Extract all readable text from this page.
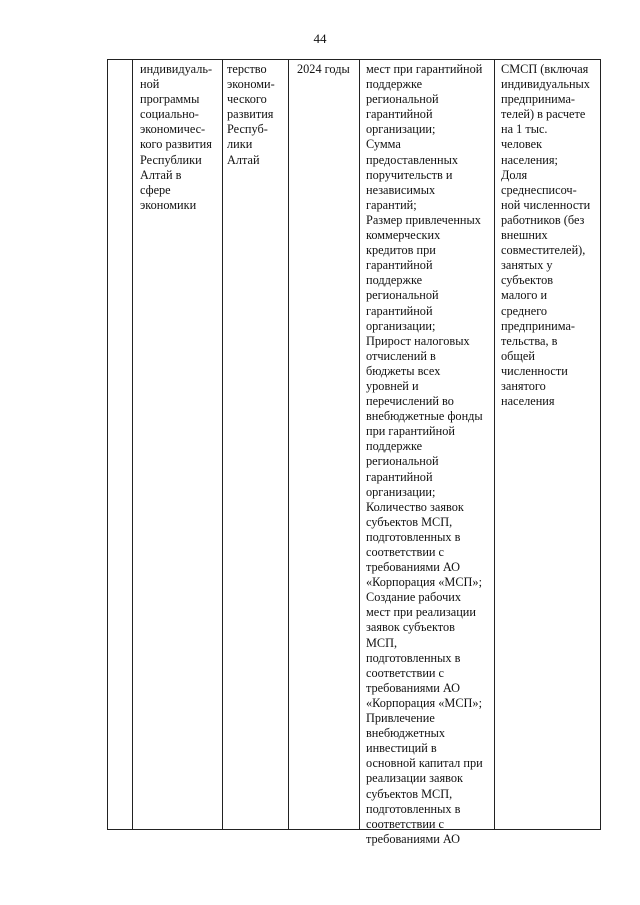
44
индивидуаль-
ной
программы
социально-
экономичес-
кого развития
Республики
Алтай в
сфере
экономики
терство
экономи-
ческого
развития
Респуб-
лики
Алтай
2024 годы	мест при гарантийной
поддержке
региональной
гарантийной
организации;
Сумма
предоставленных
поручительств и
независимых
гарантий;
Размер привлеченных
коммерческих
кредитов при
гарантийной
поддержке
региональной
гарантийной
организации;
Прирост налоговых
отчислений в
бюджеты всех
уровней и
перечислений во
внебюджетные фонды
при гарантийной
поддержке
региональной
гарантийной
организации;
Количество заявок
субъектов МСП,
подготовленных в
соответствии с
требованиями АО
«Корпорация «МСП»;
Создание рабочих
мест при реализации
заявок субъектов
МСП,
подготовленных в
соответствии с
требованиями АО
«Корпорация «МСП»;
Привлечение
внебюджетных
инвестиций в
основной капитал при
реализации заявок
субъектов МСП,
подготовленных в
соответствии с
требованиями АО
СМСП (включая
индивидуальных
предпринима-
телей) в расчете
на 1 тыс.
человек
населения;
Доля
среднесписоч-
ной численности
работников (без
внешних
совместителей),
занятых у
субъектов
малого и
среднего
предпринима-
тельства, в
общей
численности
занятого
населения
